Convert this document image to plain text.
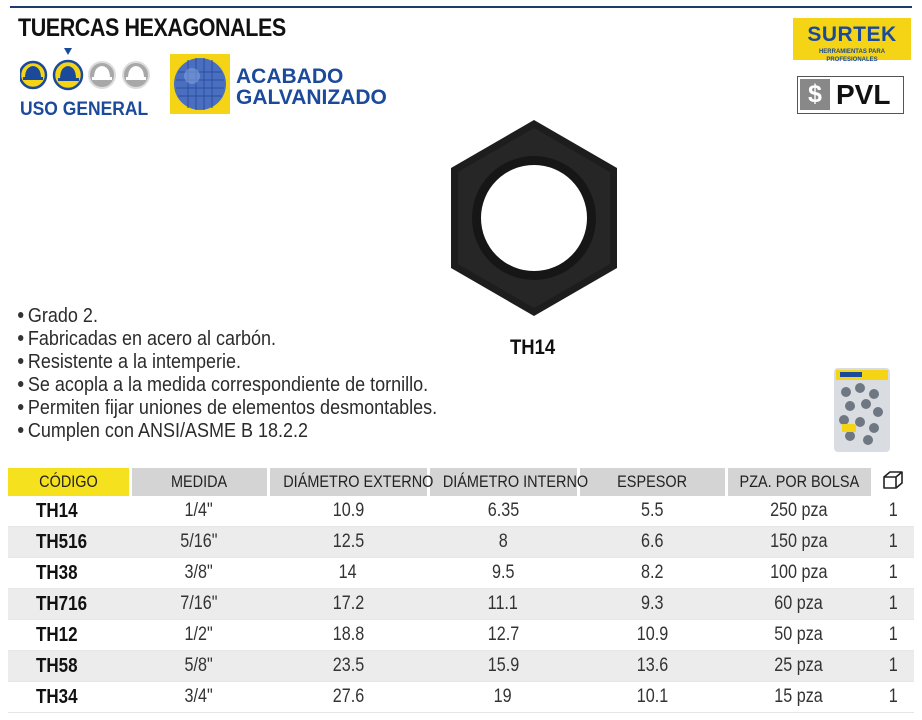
TUERCAS HEXAGONALES
USO GENERAL
ACABADO
GALVANIZADO
SURTEK
HERRAMIENTAS PARA PROFESIONALES
$ PVL
TH14
Grado 2.
Fabricadas en acero al carbón.
Resistente a la intemperie.
Se acopla a la medida correspondiente de tornillo.
Permiten fijar uniones de elementos desmontables.
Cumplen con ANSI/ASME B 18.2.2
CÓDIGO	MEDIDA	DIÁMETRO EXTERNO	DIÁMETRO INTERNO	ESPESOR	PZA. POR BOLSA	
TH14	1/4"	10.9	6.35	5.5	250 pza	1
TH516	5/16"	12.5	8	6.6	150 pza	1
TH38	3/8"	14	9.5	8.2	100 pza	1
TH716	7/16"	17.2	11.1	9.3	60 pza	1
TH12	1/2"	18.8	12.7	10.9	50 pza	1
TH58	5/8"	23.5	15.9	13.6	25 pza	1
TH34	3/4"	27.6	19	10.1	15 pza	1
